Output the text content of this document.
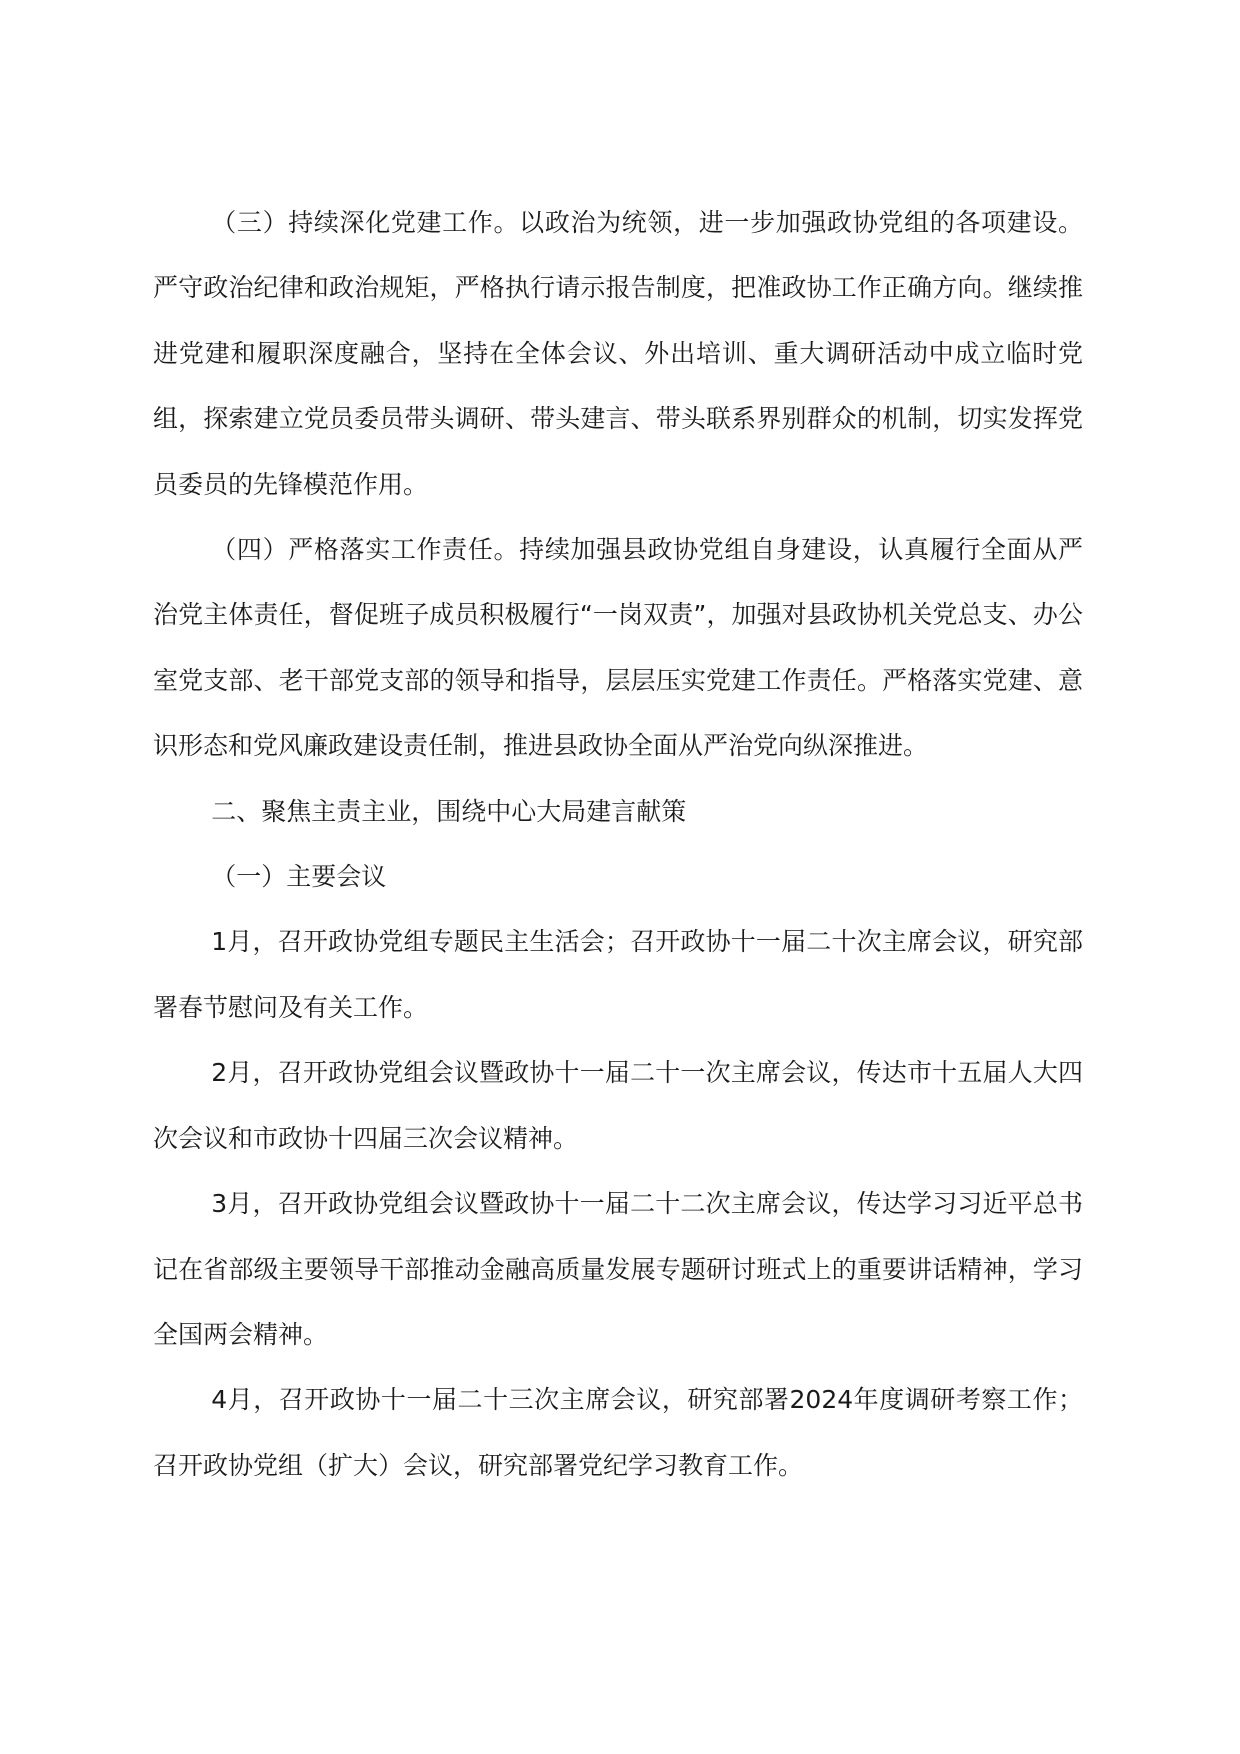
（三）持续深化党建工作。以政治为统领，进一步加强政协党组的各项建设。严守政治纪律和政治规矩，严格执行请示报告制度，把准政协工作正确方向。继续推进党建和履职深度融合，坚持在全体会议、外出培训、重大调研活动中成立临时党组，探索建立党员委员带头调研、带头建言、带头联系界别群众的机制，切实发挥党员委员的先锋模范作用。

（四）严格落实工作责任。持续加强县政协党组自身建设，认真履行全面从严治党主体责任，督促班子成员积极履行“一岗双责”，加强对县政协机关党总支、办公室党支部、老干部党支部的领导和指导，层层压实党建工作责任。严格落实党建、意识形态和党风廉政建设责任制，推进县政协全面从严治党向纵深推进。

二、聚焦主责主业，围绕中心大局建言献策

（一）主要会议

1月，召开政协党组专题民主生活会；召开政协十一届二十次主席会议，研究部署春节慰问及有关工作。

2月，召开政协党组会议暨政协十一届二十一次主席会议，传达市十五届人大四次会议和市政协十四届三次会议精神。

3月，召开政协党组会议暨政协十一届二十二次主席会议，传达学习习近平总书记在省部级主要领导干部推动金融高质量发展专题研讨班式上的重要讲话精神，学习全国两会精神。

4月，召开政协十一届二十三次主席会议，研究部署2024年度调研考察工作；召开政协党组（扩大）会议，研究部署党纪学习教育工作。
